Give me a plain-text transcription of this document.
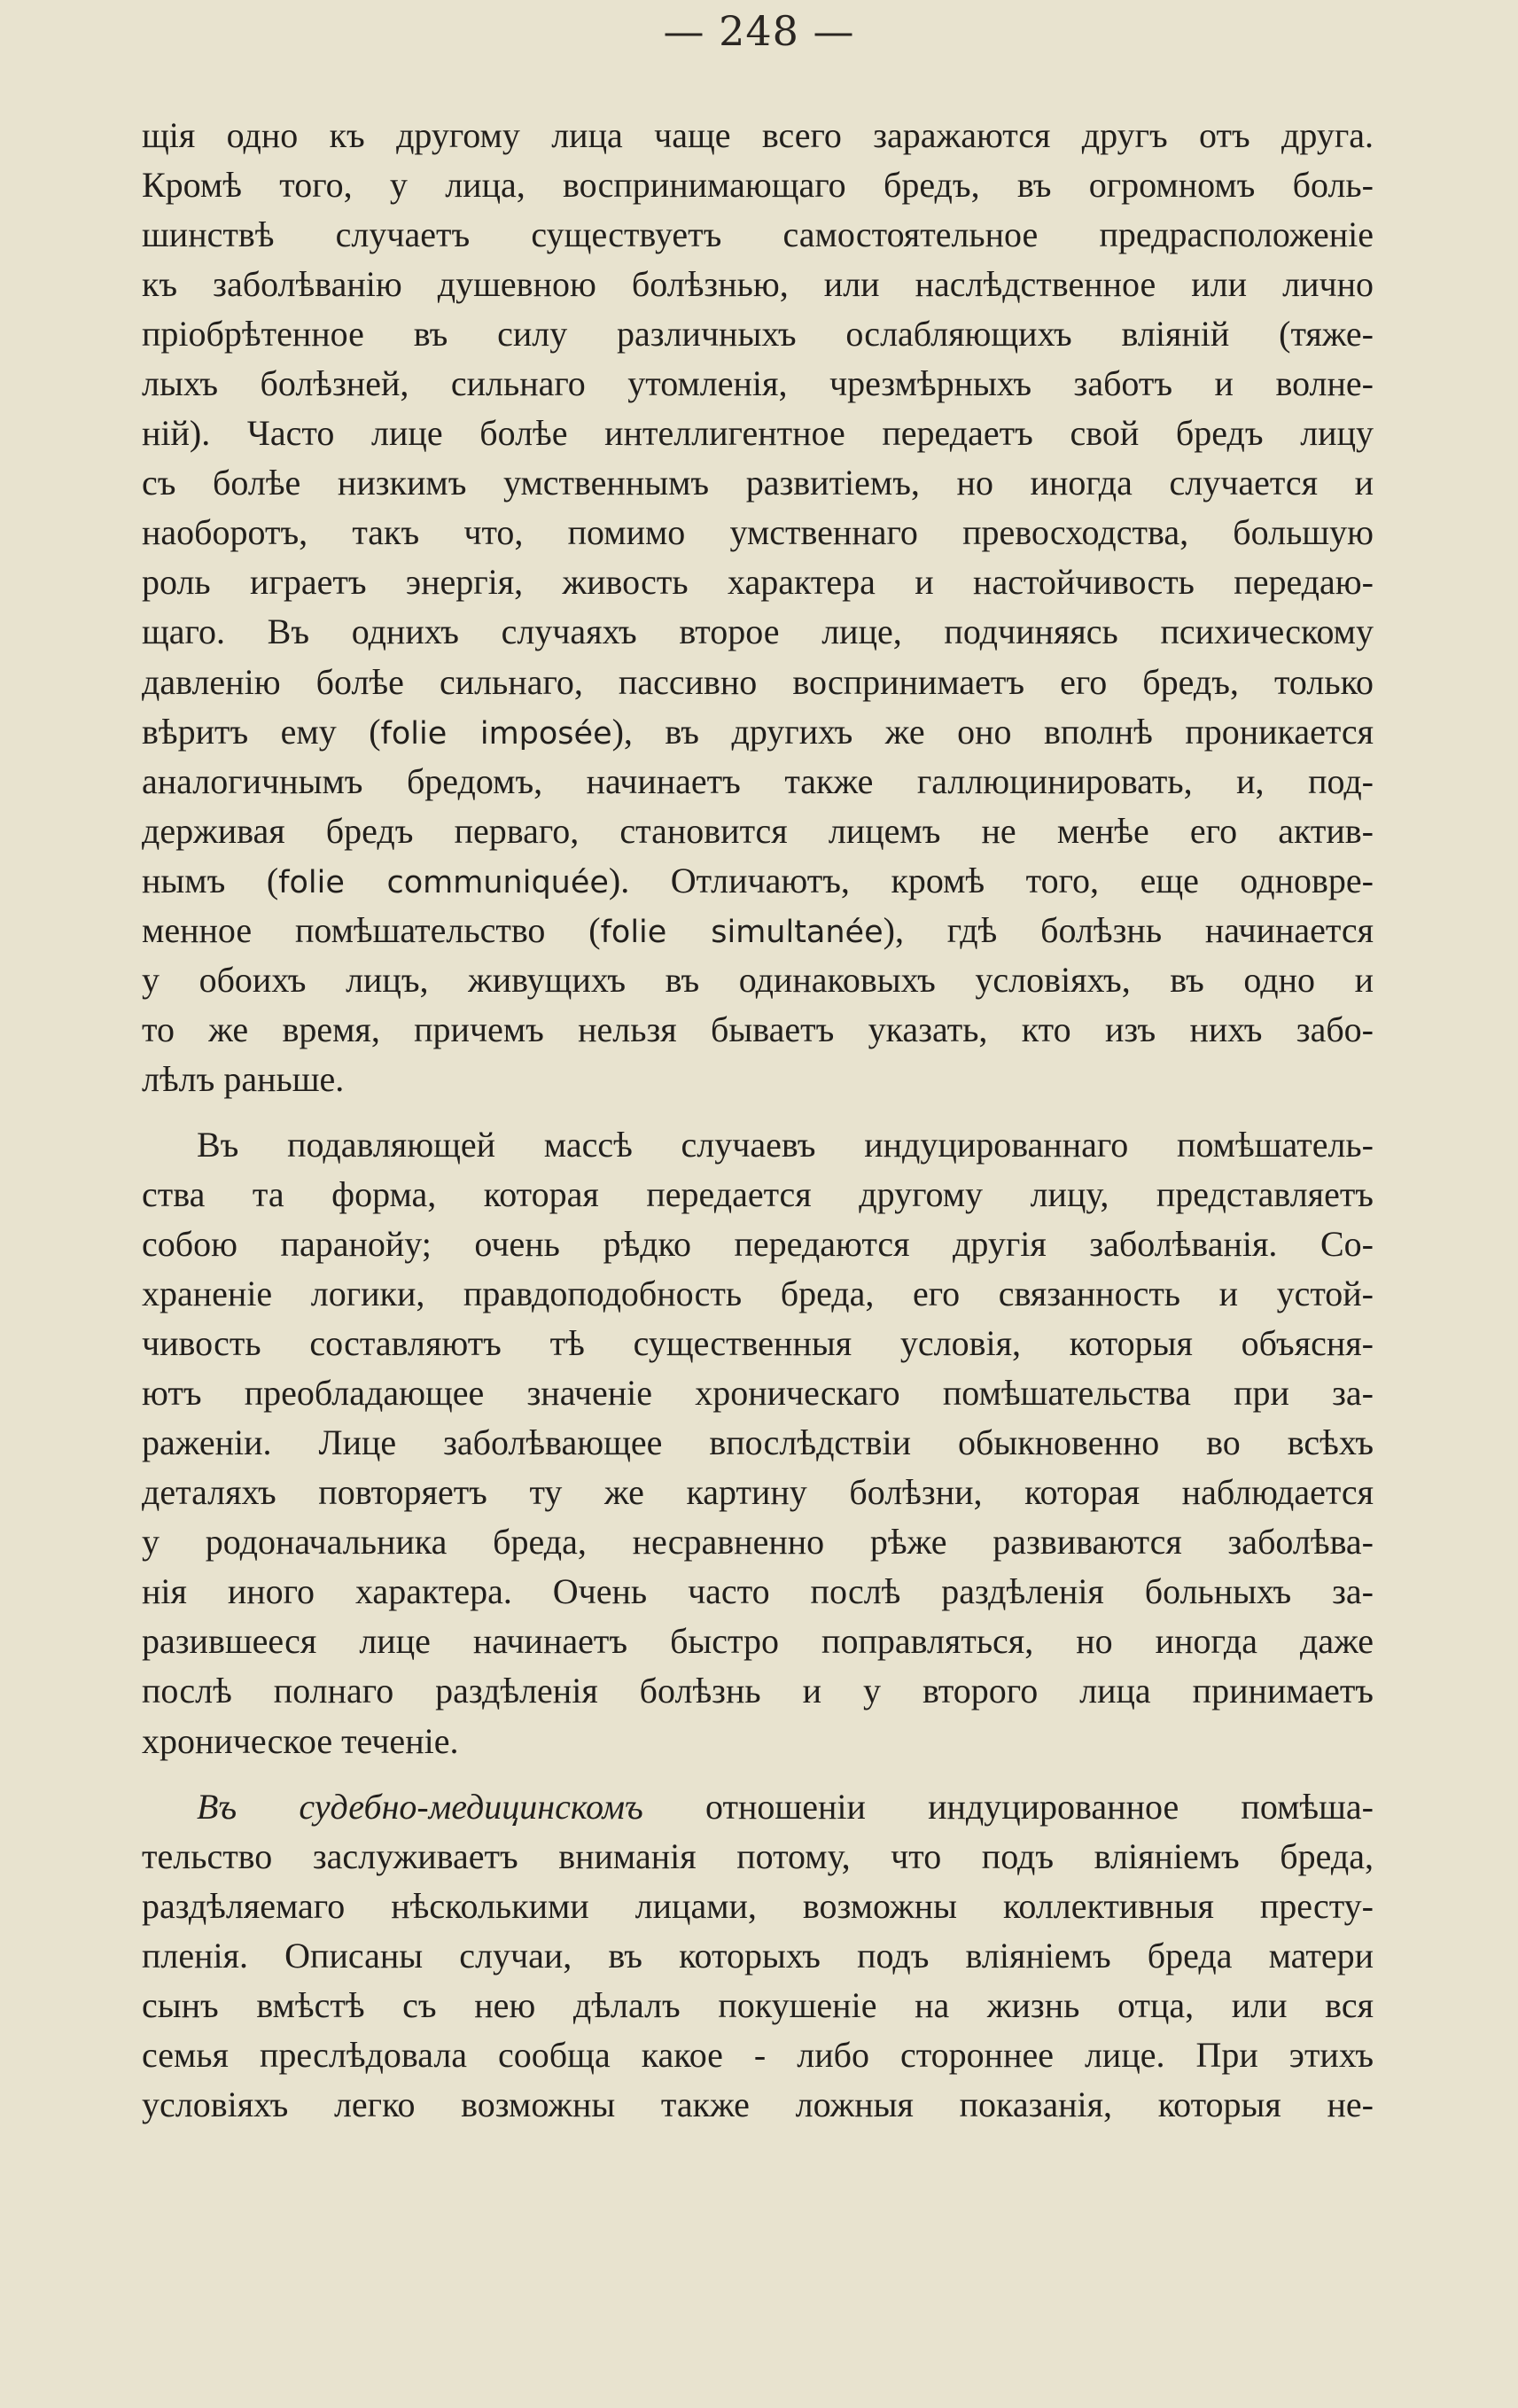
— 248 —
щія одно къ другому лица чаще всего заражаются другъ отъ друга.
Кромѣ того, у лица, воспринимающаго бредъ, въ огромномъ боль-
шинствѣ случаетъ существуетъ самостоятельное предрасположеніе
къ заболѣванію душевною болѣзнью, или наслѣдственное или лично
пріобрѣтенное въ силу различныхъ ослабляющихъ вліяній (тяже-
лыхъ болѣзней, сильнаго утомленія, чрезмѣрныхъ заботъ и волне-
ній). Часто лице болѣе интеллигентное передаетъ свой бредъ лицу
съ болѣе низкимъ умственнымъ развитіемъ, но иногда случается и
наоборотъ, такъ что, помимо умственнаго превосходства, большую
роль играетъ энергія, живость характера и настойчивость передаю-
щаго. Въ однихъ случаяхъ второе лице, подчиняясь психическому
давленію болѣе сильнаго, пассивно воспринимаетъ его бредъ, только
вѣритъ ему (folie imposée), въ другихъ же оно вполнѣ проникается
аналогичнымъ бредомъ, начинаетъ также галлюцинировать, и, под-
держивая бредъ перваго, становится лицемъ не менѣе его актив-
нымъ (folie communiquée). Отличаютъ, кромѣ того, еще одновре-
менное помѣшательство (folie simultanée), гдѣ болѣзнь начинается
у обоихъ лицъ, живущихъ въ одинаковыхъ условіяхъ, въ одно и
то же время, причемъ нельзя бываетъ указать, кто изъ нихъ забо-
лѣлъ раньше.
Въ подавляющей массѣ случаевъ индуцированнаго помѣшатель-
ства та форма, которая передается другому лицу, представляетъ
собою паранойу; очень рѣдко передаются другія заболѣванія. Со-
храненіе логики, правдоподобность бреда, его связанность и устой-
чивость составляютъ тѣ существенныя условія, которыя объясня-
ютъ преобладающее значеніе хроническаго помѣшательства при за-
раженіи. Лице заболѣвающее впослѣдствіи обыкновенно во всѣхъ
деталяхъ повторяетъ ту же картину болѣзни, которая наблюдается
у родоначальника бреда, несравненно рѣже развиваются заболѣва-
нія иного характера. Очень часто послѣ раздѣленія больныхъ за-
разившееся лице начинаетъ быстро поправляться, но иногда даже
послѣ полнаго раздѣленія болѣзнь и у второго лица принимаетъ
хроническое теченіе.
Въ судебно-медицинскомъ отношеніи индуцированное помѣша-
тельство заслуживаетъ вниманія потому, что подъ вліяніемъ бреда,
раздѣляемаго нѣсколькими лицами, возможны коллективныя престу-
пленія. Описаны случаи, въ которыхъ подъ вліяніемъ бреда матери
сынъ вмѣстѣ съ нею дѣлалъ покушеніе на жизнь отца, или вся
семья преслѣдовала сообща какое - либо стороннее лице. При этихъ
условіяхъ легко возможны также ложныя показанія, которыя не-
